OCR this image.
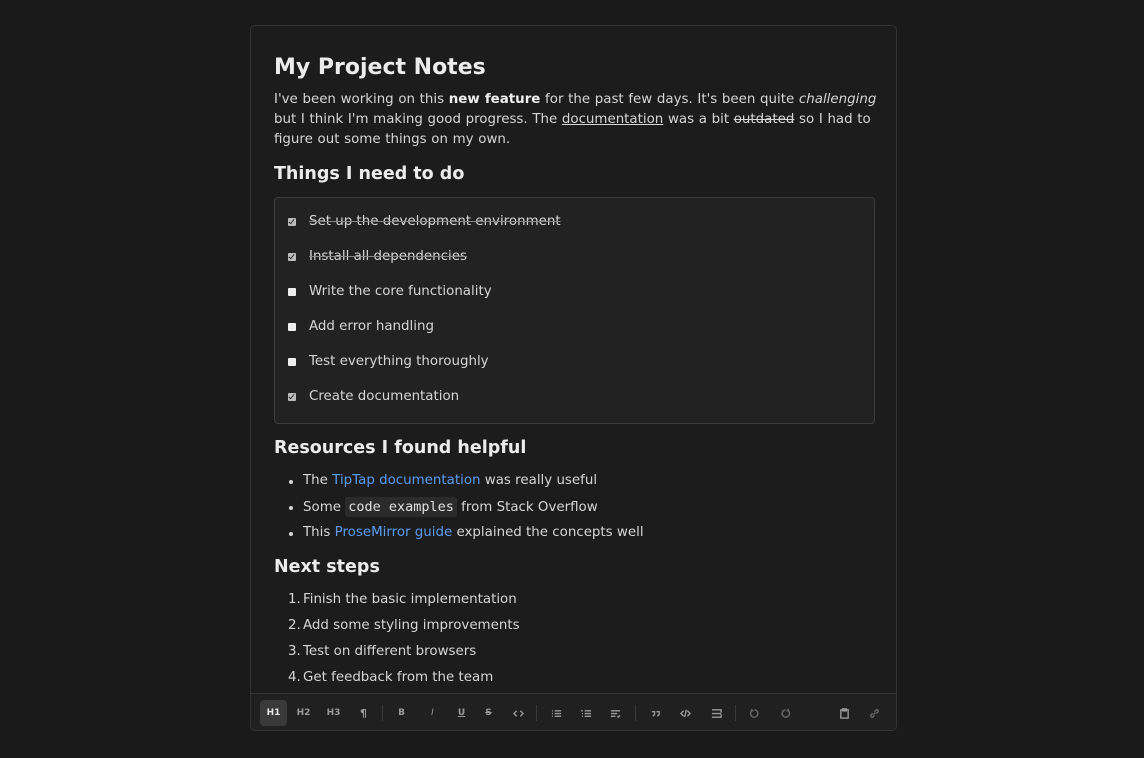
My Project Notes

I've been working on this new feature for the past few days. It's been quite challenging but I think I'm making good progress. The documentation was a bit outdated so I had to figure out some things on my own.

Things I need to do
Set up the development environment
Install all dependencies
Write the core functionality
Add error handling
Test everything thoroughly
Create documentation
Resources I found helpful
The TipTap documentation was really useful
Some code examples from Stack Overflow
This ProseMirror guide explained the concepts well
Next steps
1. Finish the basic implementation
2. Add some styling improvements
3. Test on different browsers
4. Get feedback from the team
H1	H2	H3	¶	B	I	U	S
